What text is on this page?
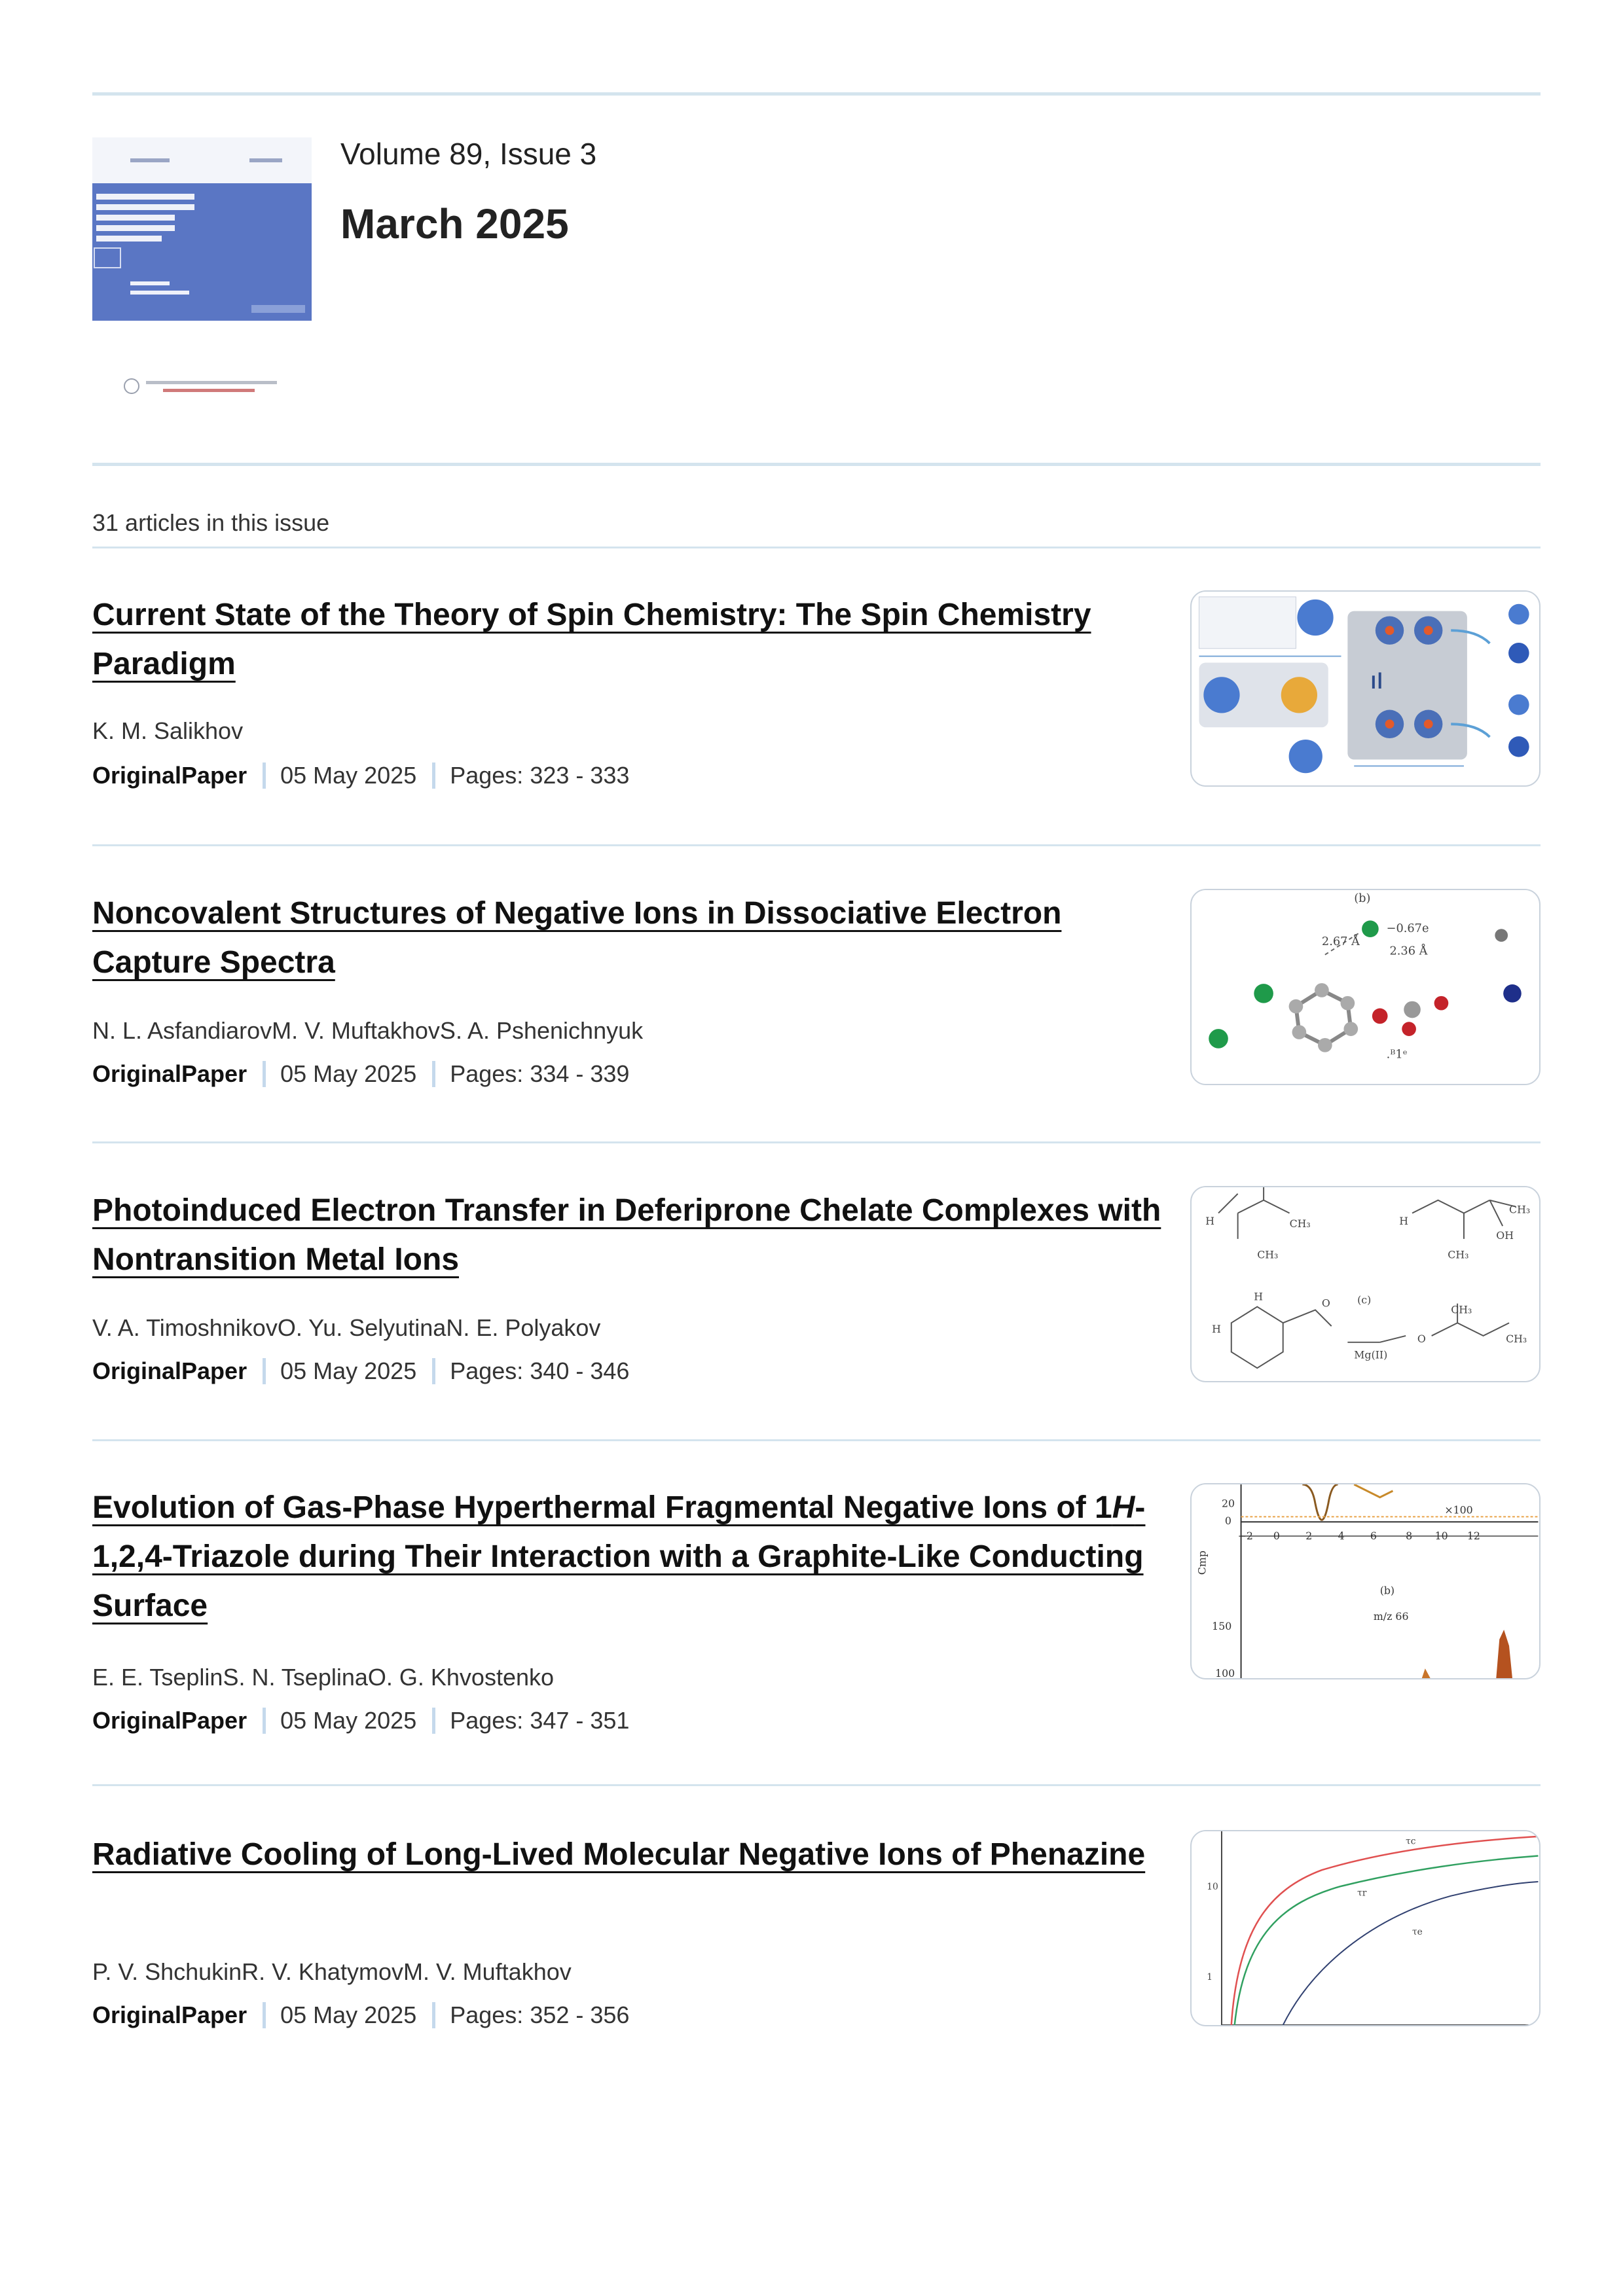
Volume 89, Issue 3
March 2025
31 articles in this issue
Current State of the Theory of Spin Chemistry: The Spin Chemistry Paradigm
K. M. Salikhov
OriginalPaper 05 May 2025 Pages: 323 - 333
Noncovalent Structures of Negative Ions in Dissociative Electron Capture Spectra
N. L. AsfandiarovM. V. MuftakhovS. A. Pshenichnyuk
OriginalPaper 05 May 2025 Pages: 334 - 339
(b)
2.67 Å
−0.67e
2.36 Å
.ᴮ1ᵉ
Photoinduced Electron Transfer in Deferiprone Chelate Complexes with Nontransition Metal Ions
V. A. TimoshnikovO. Yu. SelyutinaN. E. Polyakov
OriginalPaper 05 May 2025 Pages: 340 - 346
H	CH₃
CH₃
H
CH₃
OH
CH₃
H
H
O	(c)
Mg(II)
CH₃
CH₃
O
Evolution of Gas-Phase Hyperthermal Fragmental Negative Ions of 1H-1,2,4-Triazole during Their Interaction with a Graphite-Like Conducting Surface
E. E. TseplinS. N. TseplinaO. G. Khvostenko
OriginalPaper 05 May 2025 Pages: 347 - 351
20
0
−2 0 2 4 6	8 10 12
×100
(b)
m/z 66
150
100
Cmp
Radiative Cooling of Long-Lived Molecular Negative Ions of Phenazine
P. V. ShchukinR. V. KhatymovM. V. Muftakhov
OriginalPaper 05 May 2025 Pages: 352 - 356
τc
τr
τe
10
1
